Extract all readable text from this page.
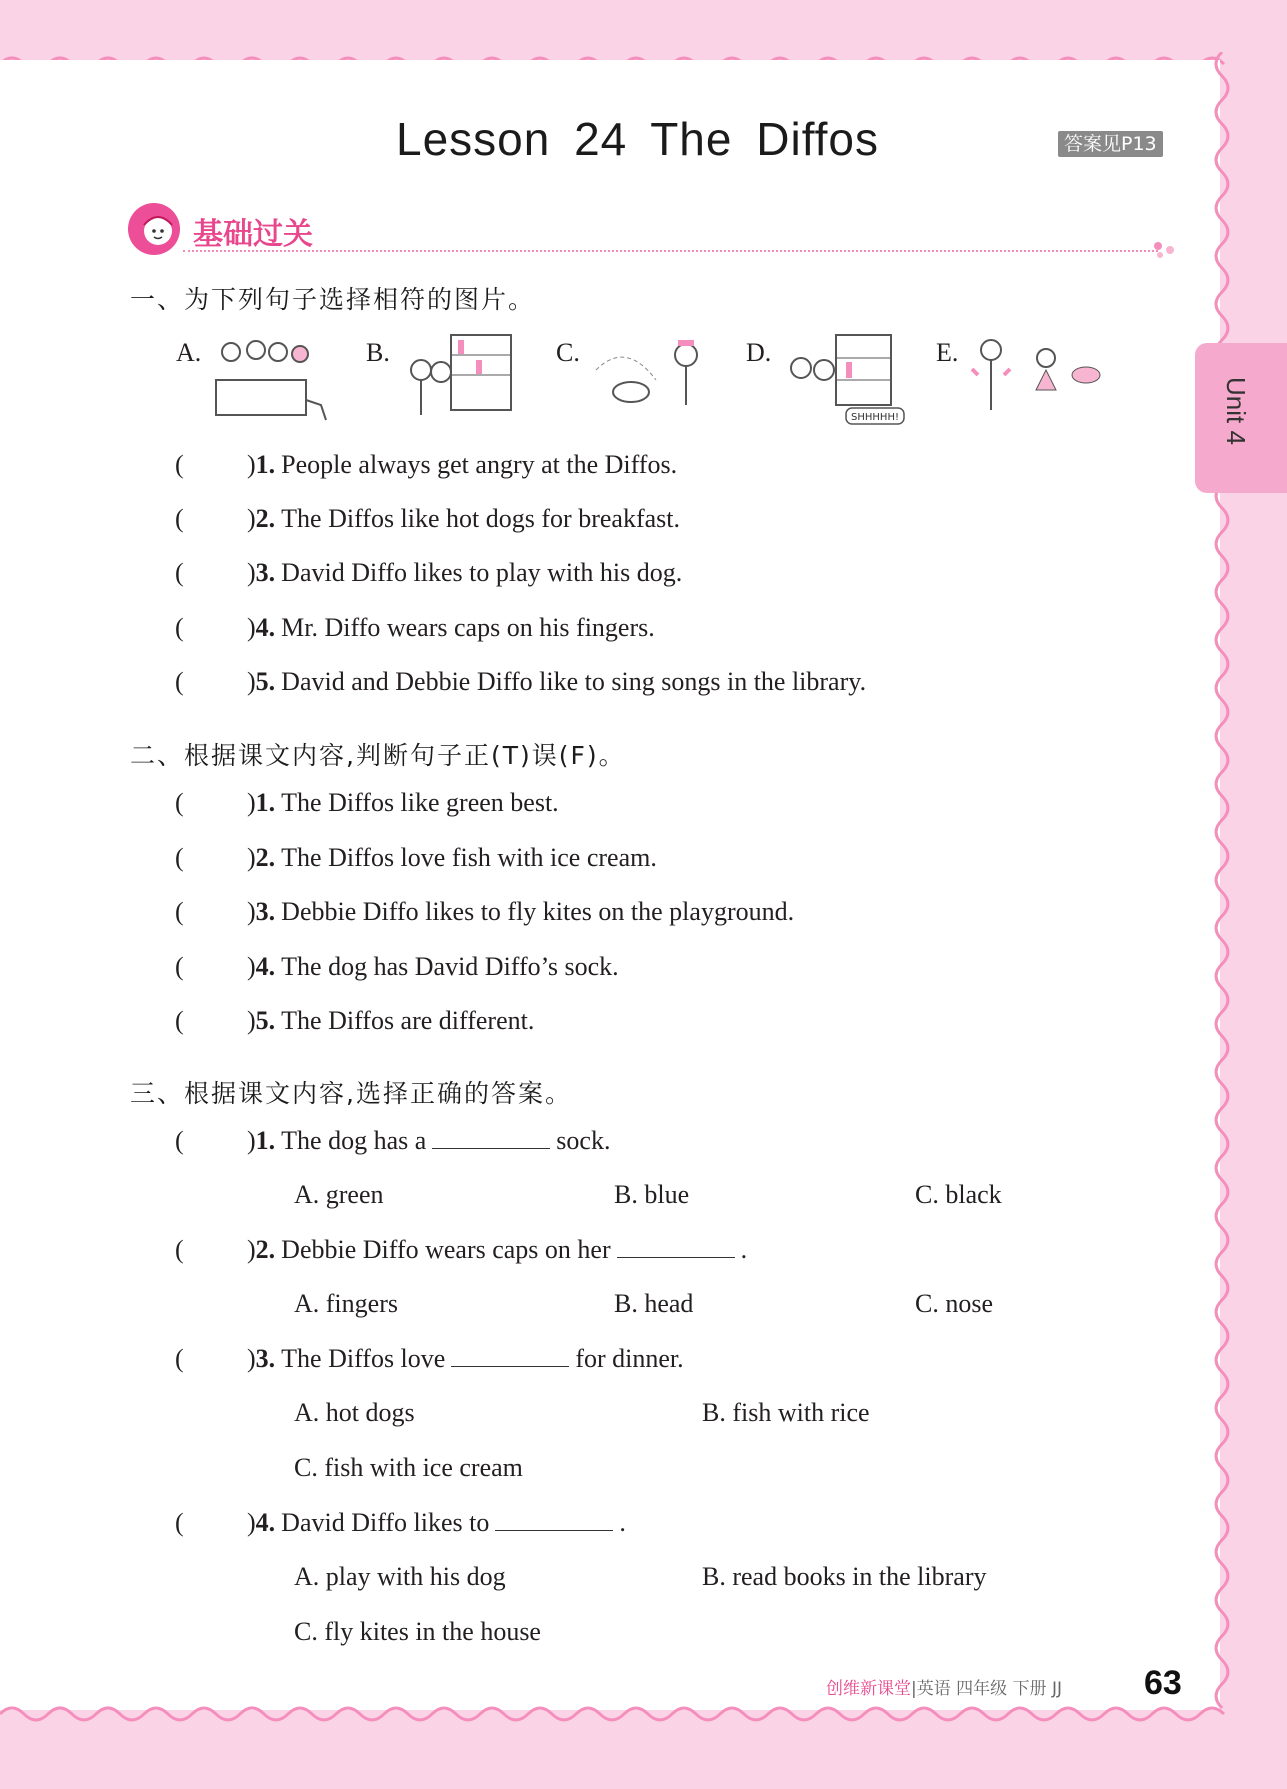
Lesson 24 The Diffos	答案见P13
Unit 4
基础过关
一、为下列句子选择相符的图片。
A.	B.	C.	D.
SHHHHH!
E.
( )1. People always get angry at the Diffos.
( )2. The Diffos like hot dogs for breakfast.
( )3. David Diffo likes to play with his dog.
( )4. Mr. Diffo wears caps on his fingers.
( )5. David and Debbie Diffo like to sing songs in the library.
二、根据课文内容,判断句子正(T)误(F)。
( )1. The Diffos like green best.
( )2. The Diffos love fish with ice cream.
( )3. Debbie Diffo likes to fly kites on the playground.
( )4. The dog has David Diffo’s sock.
( )5. The Diffos are different.
三、根据课文内容,选择正确的答案。
( )1. The dog has a	sock.
A. green	B. blue	C. black
( )2. Debbie Diffo wears caps on her	.
A. fingers	B. head	C. nose
( )3. The Diffos love	for dinner.
A. hot dogs	B. fish with rice
C. fish with ice cream
( )4. David Diffo likes to	.
A. play with his dog	B. read books in the library
C. fly kites in the house
创维新课堂|英语 四年级 下册 JJ 63
